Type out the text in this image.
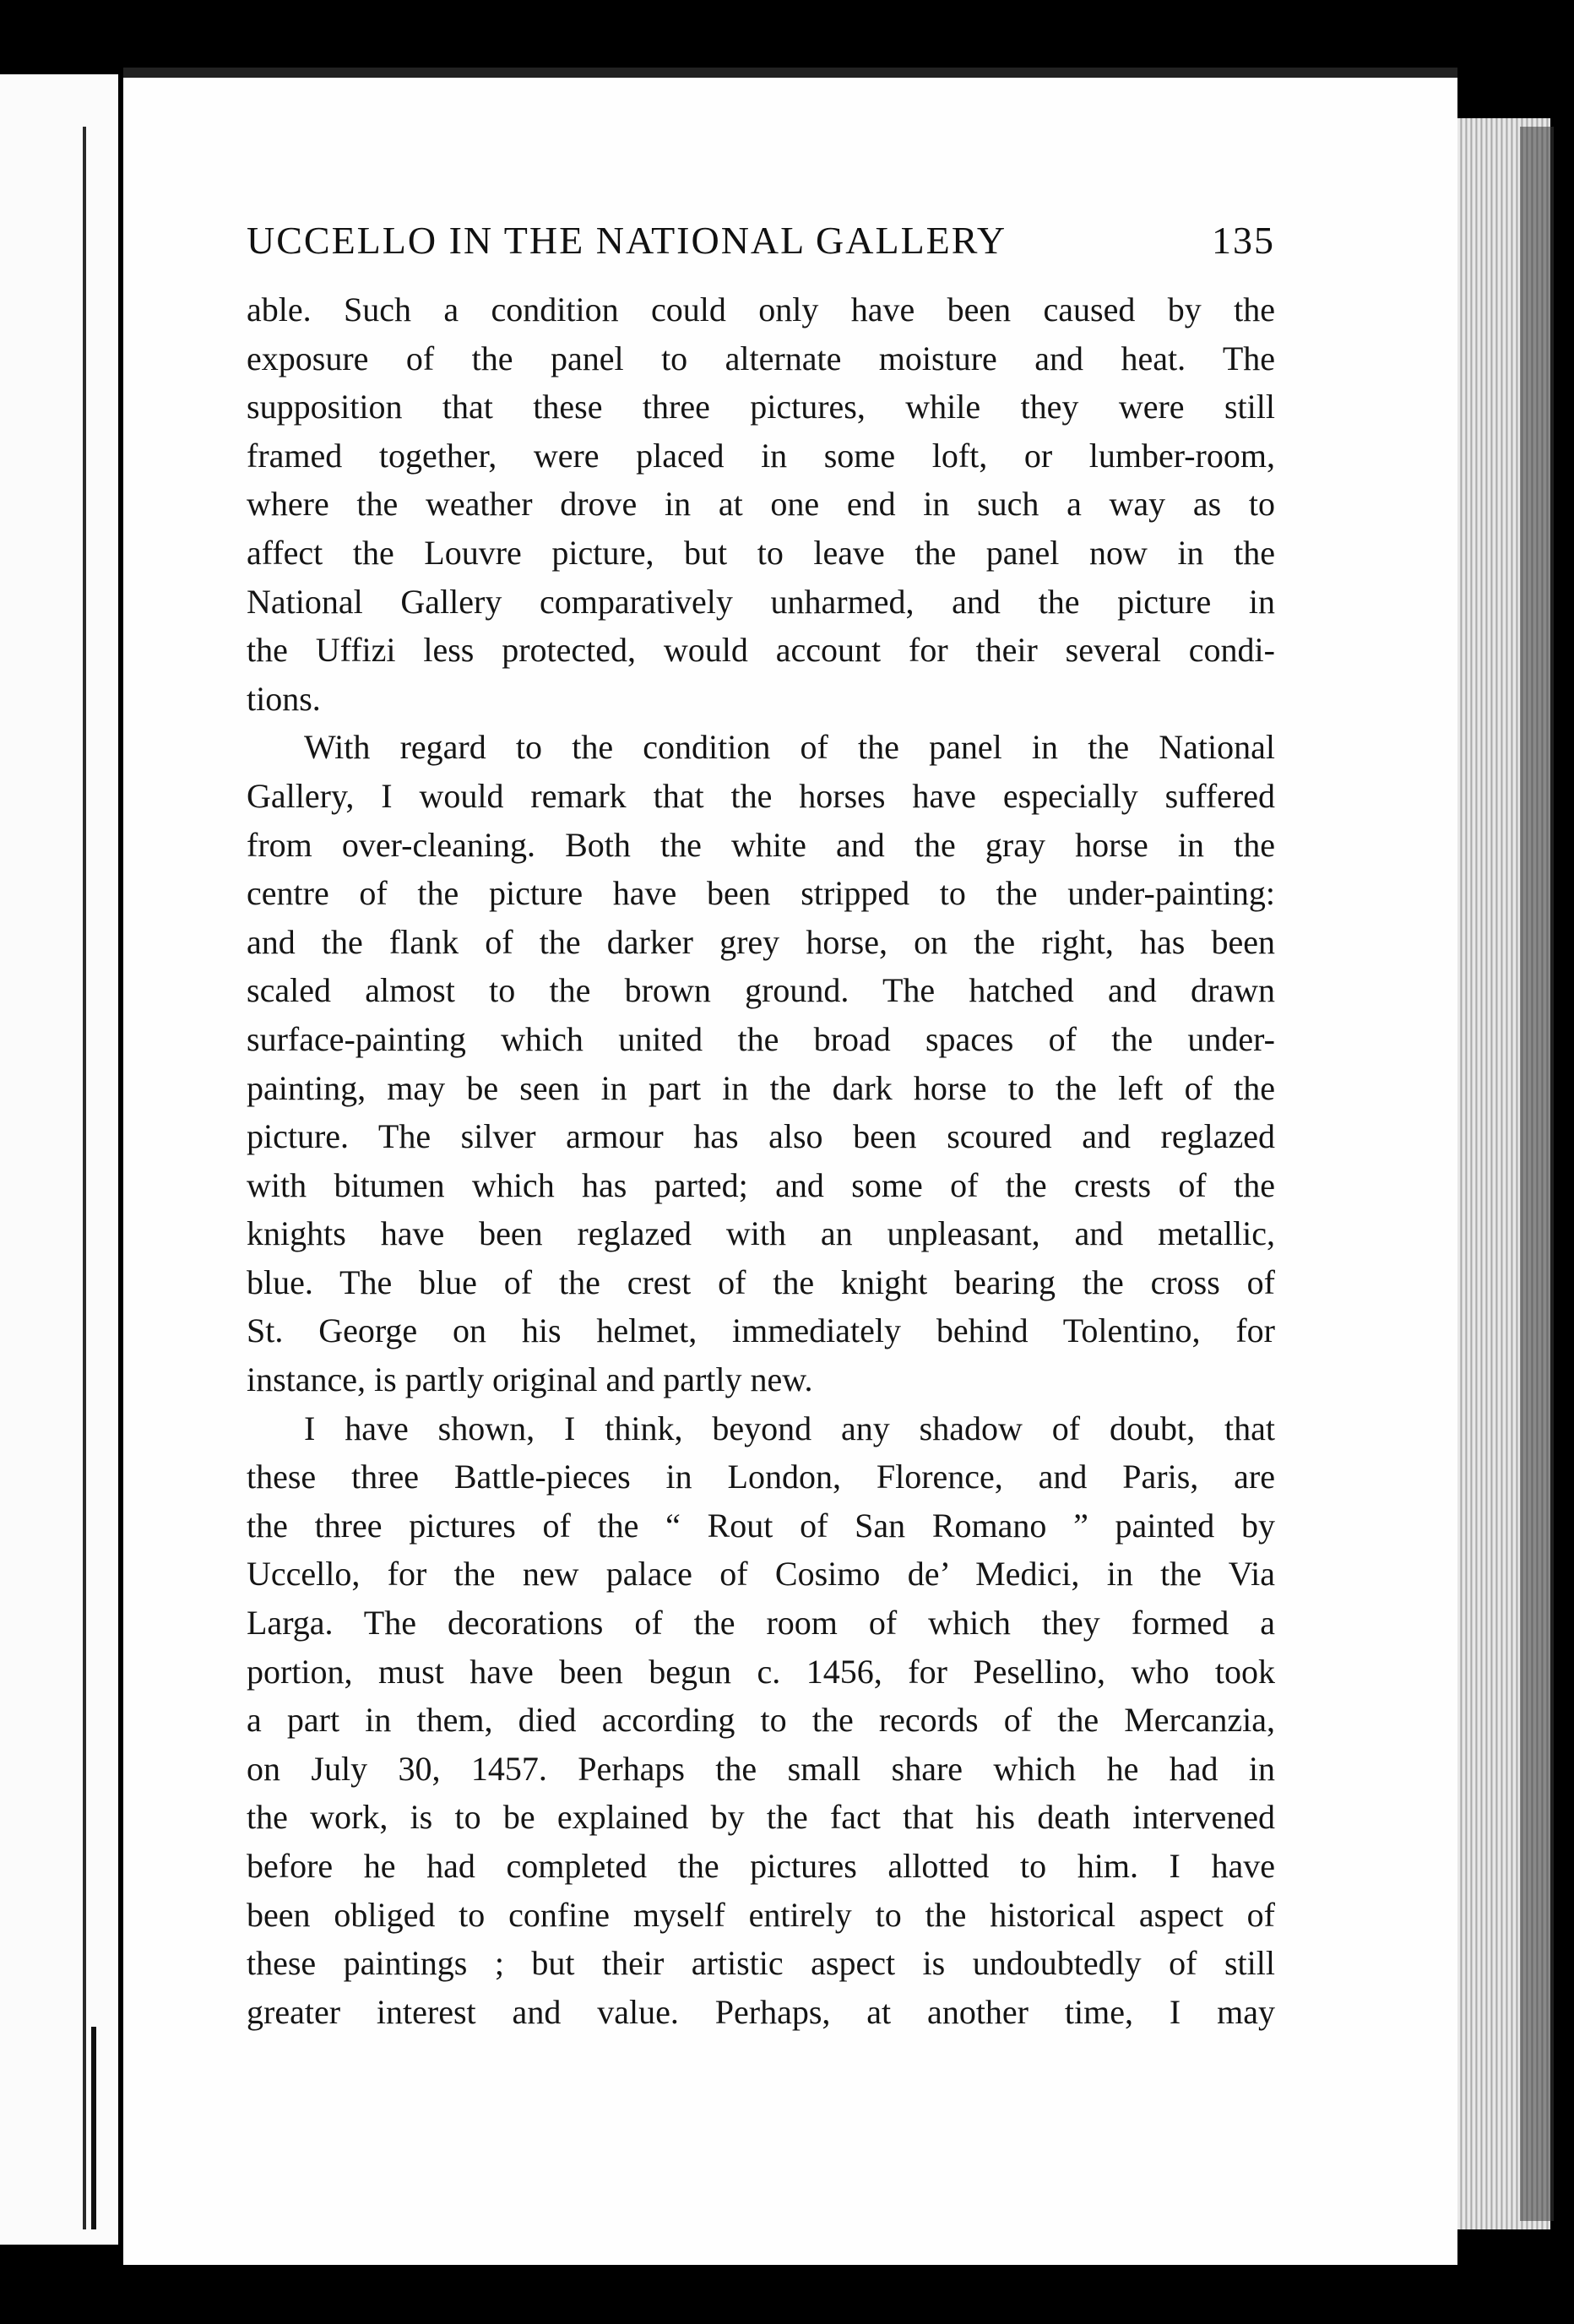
UCCELLO IN THE NATIONAL GALLERY	135
able. Such a condition could only have been caused by the
exposure of the panel to alternate moisture and heat. The
supposition that these three pictures, while they were still
framed together, were placed in some loft, or lumber-room,
where the weather drove in at one end in such a way as to
affect the Louvre picture, but to leave the panel now in the
National Gallery comparatively unharmed, and the picture in
the Uffizi less protected, would account for their several condi-
tions.
With regard to the condition of the panel in the National
Gallery, I would remark that the horses have especially suffered
from over-cleaning. Both the white and the gray horse in the
centre of the picture have been stripped to the under-painting:
and the flank of the darker grey horse, on the right, has been
scaled almost to the brown ground. The hatched and drawn
surface-painting which united the broad spaces of the under-
painting, may be seen in part in the dark horse to the left of the
picture. The silver armour has also been scoured and reglazed
with bitumen which has parted; and some of the crests of the
knights have been reglazed with an unpleasant, and metallic,
blue. The blue of the crest of the knight bearing the cross of
St. George on his helmet, immediately behind Tolentino, for
instance, is partly original and partly new.
I have shown, I think, beyond any shadow of doubt, that
these three Battle-pieces in London, Florence, and Paris, are
the three pictures of the “ Rout of San Romano ” painted by
Uccello, for the new palace of Cosimo de’ Medici, in the Via
Larga. The decorations of the room of which they formed a
portion, must have been begun c. 1456, for Pesellino, who took
a part in them, died according to the records of the Mercanzia,
on July 30, 1457. Perhaps the small share which he had in
the work, is to be explained by the fact that his death intervened
before he had completed the pictures allotted to him. I have
been obliged to confine myself entirely to the historical aspect of
these paintings ; but their artistic aspect is undoubtedly of still
greater interest and value. Perhaps, at another time, I may
